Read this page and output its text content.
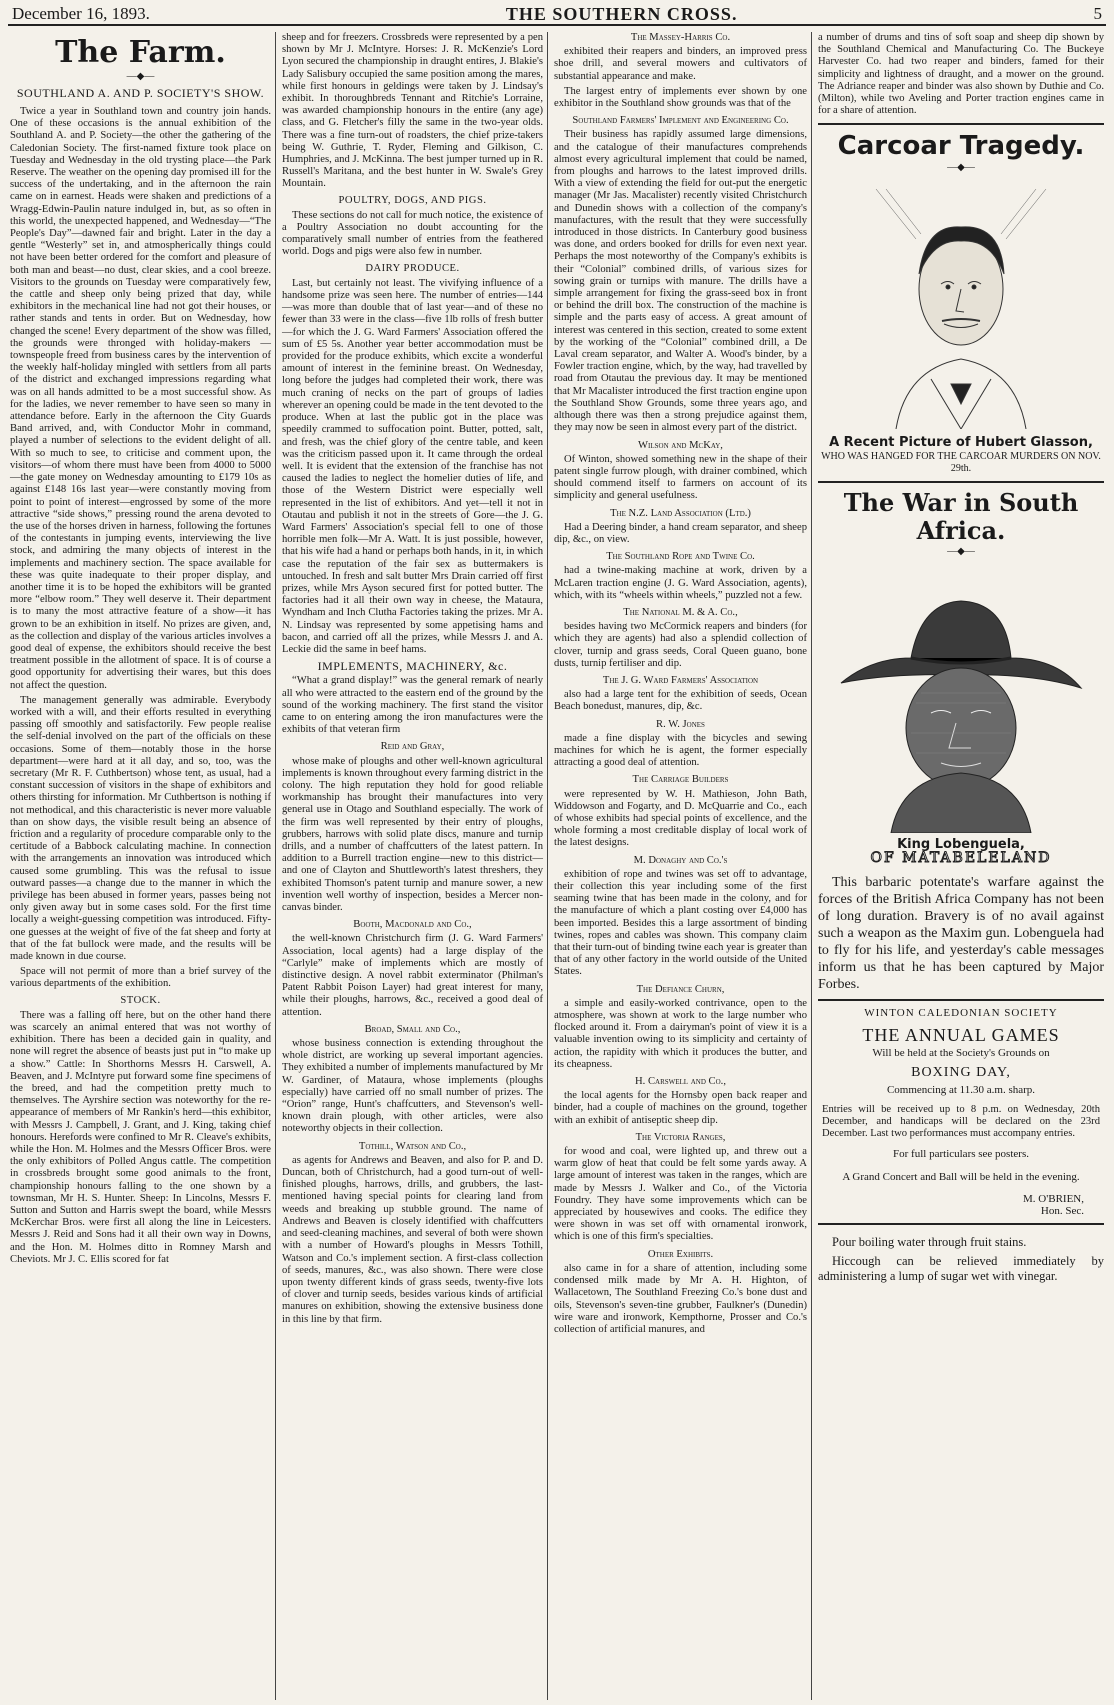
December 16, 1893.	THE SOUTHERN CROSS.	5
The Farm.
―◆―
SOUTHLAND A. AND P. SOCIETY'S SHOW.

Twice a year in Southland town and country join hands. One of these occasions is the annual exhibition of the Southland A. and P. Society—the other the gathering of the Caledonian Society. The first-named fixture took place on Tuesday and Wednesday in the old trysting place—the Park Reserve. The weather on the opening day promised ill for the success of the undertaking, and in the afternoon the rain came on in earnest. Heads were shaken and predictions of a Wragg-Edwin-Paulin nature indulged in, but, as so often in this world, the unexpected happened, and Wednesday—“The People's Day”—dawned fair and bright. Later in the day a gentle “Westerly” set in, and atmospherically things could not have been better ordered for the comfort and pleasure of both man and beast—no dust, clear skies, and a cool breeze. Visitors to the grounds on Tuesday were comparatively few, the cattle and sheep only being prized that day, while exhibitors in the mechanical line had not got their houses, or rather stands and tents in order. But on Wednesday, how changed the scene! Every department of the show was filled, the grounds were thronged with holiday-makers — townspeople freed from business cares by the intervention of the weekly half-holiday mingled with settlers from all parts of the district and exchanged impressions regarding what was on all hands admitted to be a most successful show. As for the ladies, we never remember to have seen so many in attendance before. Early in the afternoon the City Guards Band arrived, and, with Conductor Mohr in command, played a number of selections to the evident delight of all. With so much to see, to criticise and comment upon, the visitors—of whom there must have been from 4000 to 5000—the gate money on Wednesday amounting to £179 10s as against £148 16s last year—were constantly moving from point to point of interest—engrossed by some of the more attractive “side shows,” pressing round the arena devoted to the use of the horses driven in harness, following the fortunes of the contestants in jumping events, interviewing the live stock, and admiring the many objects of interest in the implements and machinery section. The space available for these was quite inadequate to their proper display, and another time it is to be hoped the exhibitors will be granted more “elbow room.” They well deserve it. Their department is to many the most attractive feature of a show—it has grown to be an exhibition in itself. No prizes are given, and, as the collection and display of the various articles involves a good deal of expense, the exhibitors should receive the best treatment possible in the allotment of space. It is of course a good opportunity for advertising their wares, but this does not affect the question.

The management generally was admirable. Everybody worked with a will, and their efforts resulted in everything passing off smoothly and satisfactorily. Few people realise the self-denial involved on the part of the officials on these occasions. Some of them—notably those in the horse department—were hard at it all day, and so, too, was the secretary (Mr R. F. Cuthbertson) whose tent, as usual, had a constant succession of visitors in the shape of exhibitors and others thirsting for information. Mr Cuthbertson is nothing if not methodical, and this characteristic is never more valuable than on show days, the visible result being an absence of friction and a regularity of procedure comparable only to the certitude of a Babbock calculating machine. In connection with the arrangements an innovation was introduced which caused some grumbling. This was the refusal to issue outward passes—a change due to the manner in which the privilege has been abused in former years, passes being not only given away but in some cases sold. For the first time locally a weight-guessing competition was introduced. Fifty-one guesses at the weight of five of the fat sheep and forty at that of the fat bullock were made, and the results will be made known in due course.

Space will not permit of more than a brief survey of the various departments of the exhibition.

STOCK.

There was a falling off here, but on the other hand there was scarcely an animal entered that was not worthy of exhibition. There has been a decided gain in quality, and none will regret the absence of beasts just put in “to make up a show.” Cattle: In Shorthorns Messrs H. Carswell, A. Beaven, and J. McIntyre put forward some fine specimens of the breed, and had the competition pretty much to themselves. The Ayrshire section was noteworthy for the re-appearance of members of Mr Rankin's herd—this exhibitor, with Messrs J. Campbell, J. Grant, and J. King, taking chief honours. Herefords were confined to Mr R. Cleave's exhibits, while the Hon. M. Holmes and the Messrs Officer Bros. were the only exhibitors of Polled Angus cattle. The competition in crossbreds brought some good animals to the front, championship honours falling to the one shown by a townsman, Mr H. S. Hunter. Sheep: In Lincolns, Messrs F. Sutton and Sutton and Harris swept the board, while Messrs McKerchar Bros. were first all along the line in Leicesters. Messrs J. Reid and Sons had it all their own way in Downs, and the Hon. M. Holmes ditto in Romney Marsh and Cheviots. Mr J. C. Ellis scored for fat

sheep and for freezers. Crossbreds were represented by a pen shown by Mr J. McIntyre. Horses: J. R. McKenzie's Lord Lyon secured the championship in draught entires, J. Blakie's Lady Salisbury occupied the same position among the mares, while first honours in geldings were taken by J. Lindsay's exhibit. In thoroughbreds Tennant and Ritchie's Lorraine, was awarded championship honours in the entire (any age) class, and G. Fletcher's filly the same in the two-year olds. There was a fine turn-out of roadsters, the chief prize-takers being W. Guthrie, T. Ryder, Fleming and Gilkison, C. Humphries, and J. McKinna. The best jumper turned up in R. Russell's Maritana, and the best hunter in W. Swale's Grey Mountain.

POULTRY, DOGS, AND PIGS.

These sections do not call for much notice, the existence of a Poultry Association no doubt accounting for the comparatively small number of entries from the feathered world. Dogs and pigs were also few in number.

DAIRY PRODUCE.

Last, but certainly not least. The vivifying influence of a handsome prize was seen here. The number of entries—144—was more than double that of last year—and of these no fewer than 33 were in the class—five 1lb rolls of fresh butter—for which the J. G. Ward Farmers' Association offered the sum of £5 5s. Another year better accommodation must be provided for the produce exhibits, which excite a wonderful amount of interest in the feminine breast. On Wednesday, long before the judges had completed their work, there was much craning of necks on the part of groups of ladies wherever an opening could be made in the tent devoted to the produce. When at last the public got in the place was speedily crammed to suffocation point. Butter, potted, salt, and fresh, was the chief glory of the centre table, and keen was the criticism passed upon it. It came through the ordeal well. It is evident that the extension of the franchise has not caused the ladies to neglect the homelier duties of life, and those of the Western District were especially well represented in the list of exhibitors. And yet—tell it not in Otautau and publish it not in the streets of Gore—the J. G. Ward Farmers' Association's special fell to one of those horrible men folk—Mr A. Watt. It is just possible, however, that his wife had a hand or perhaps both hands, in it, in which case the reputation of the fair sex as buttermakers is untouched. In fresh and salt butter Mrs Drain carried off first prizes, while Mrs Ayson secured first for potted butter. The factories had it all their own way in cheese, the Mataura, Wyndham and Inch Clutha Factories taking the prizes. Mr A. N. Lindsay was represented by some appetising hams and bacon, and carried off all the prizes, while Messrs J. and A. Leckie did the same in beef hams.

IMPLEMENTS, MACHINERY, &c.

“What a grand display!” was the general remark of nearly all who were attracted to the eastern end of the ground by the sound of the working machinery. The first stand the visitor came to on entering among the iron manufactures were the exhibits of that veteran firm

Reid and Gray,

whose make of ploughs and other well-known agricultural implements is known throughout every farming district in the colony. The high reputation they hold for good reliable workmanship has brought their manufactures into very general use in Otago and Southland especially. The work of the firm was well represented by their entry of ploughs, grubbers, harrows with solid plate discs, manure and turnip drills, and a number of chaffcutters of the latest pattern. In addition to a Burrell traction engine—new to this district—and one of Clayton and Shuttleworth's latest threshers, they exhibited Thomson's patent turnip and manure sower, a new invention well worthy of inspection, besides a Mercer non-canvas binder.

Booth, Macdonald and Co.,

the well-known Christchurch firm (J. G. Ward Farmers' Association, local agents) had a large display of the “Carlyle” make of implements which are mostly of distinctive design. A novel rabbit exterminator (Philman's Patent Rabbit Poison Layer) had great interest for many, while their ploughs, harrows, &c., received a good deal of attention.

Broad, Small and Co.,

whose business connection is extending throughout the whole district, are working up several important agencies. They exhibited a number of implements manufactured by Mr W. Gardiner, of Mataura, whose implements (ploughs especially) have carried off no small number of prizes. The “Orion” range, Hunt's chaffcutters, and Stevenson's well-known drain plough, with other articles, were also noteworthy objects in their collection.

Tothill, Watson and Co.,

as agents for Andrews and Beaven, and also for P. and D. Duncan, both of Christchurch, had a good turn-out of well-finished ploughs, harrows, drills, and grubbers, the last-mentioned having special points for clearing land from weeds and breaking up stubble ground. The name of Andrews and Beaven is closely identified with chaffcutters and seed-cleaning machines, and several of both were shown with a number of Howard's ploughs in Messrs Tothill, Watson and Co.'s implement section. A first-class collection of seeds, manures, &c., was also shown. There were close upon twenty different kinds of grass seeds, twenty-five lots of clover and turnip seeds, besides various kinds of artificial manures on exhibition, showing the extensive business done in this line by that firm.

The Massey-Harris Co.

exhibited their reapers and binders, an improved press shoe drill, and several mowers and cultivators of substantial appearance and make.

The largest entry of implements ever shown by one exhibitor in the Southland show grounds was that of the

Southland Farmers' Implement and Engineering Co.

Their business has rapidly assumed large dimensions, and the catalogue of their manufactures comprehends almost every agricultural implement that could be named, from ploughs and harrows to the latest improved drills. With a view of extending the field for out-put the energetic manager (Mr Jas. Macalister) recently visited Christchurch and Dunedin shows with a collection of the company's manufactures, with the result that they were successfully introduced in those districts. In Canterbury good business was done, and orders booked for drills for even next year. Perhaps the most noteworthy of the Company's exhibits is their “Colonial” combined drills, of various sizes for sowing grain or turnips with manure. The drills have a simple arrangement for fixing the grass-seed box in front or behind the drill box. The construction of the machine is simple and the parts easy of access. A great amount of interest was centered in this section, created to some extent by the working of the “Colonial” combined drill, a De Laval cream separator, and Walter A. Wood's binder, by a Fowler traction engine, which, by the way, had travelled by road from Otautau the previous day. It may be mentioned that Mr Macalister introduced the first traction engine upon the Southland Show Grounds, some three years ago, and although there was then a strong prejudice against them, they may now be seen in almost every part of the district.

Wilson and McKay,

Of Winton, showed something new in the shape of their patent single furrow plough, with drainer combined, which should commend itself to farmers on account of its simplicity and general usefulness.

The N.Z. Land Association (Ltd.)

Had a Deering binder, a hand cream separator, and sheep dip, &c., on view.

The Southland Rope and Twine Co.

had a twine-making machine at work, driven by a McLaren traction engine (J. G. Ward Association, agents), which, with its “wheels within wheels,” puzzled not a few.

The National M. & A. Co.,

besides having two McCormick reapers and binders (for which they are agents) had also a splendid collection of clover, turnip and grass seeds, Coral Queen guano, bone dusts, turnip fertiliser and dip.

The J. G. Ward Farmers' Association

also had a large tent for the exhibition of seeds, Ocean Beach bonedust, manures, dip, &c.

R. W. Jones

made a fine display with the bicycles and sewing machines for which he is agent, the former especially attracting a good deal of attention.

The Carriage Builders

were represented by W. H. Mathieson, John Bath, Widdowson and Fogarty, and D. McQuarrie and Co., each of whose exhibits had special points of excellence, and the whole forming a most creditable display of local work of the latest designs.

M. Donaghy and Co.'s

exhibition of rope and twines was set off to advantage, their collection this year including some of the first seaming twine that has been made in the colony, and for the manufacture of which a plant costing over £4,000 has been imported. Besides this a large assortment of binding twines, ropes and cables was shown. This company claim that their turn-out of binding twine each year is greater than that of any other factory in the world outside of the United States.

The Defiance Churn,

a simple and easily-worked contrivance, open to the atmosphere, was shown at work to the large number who flocked around it. From a dairyman's point of view it is a valuable invention owing to its simplicity and certainty of action, the rapidity with which it produces the butter, and its cheapness.

H. Carswell and Co.,

the local agents for the Hornsby open back reaper and binder, had a couple of machines on the ground, together with an exhibit of antiseptic sheep dip.

The Victoria Ranges,

for wood and coal, were lighted up, and threw out a warm glow of heat that could be felt some yards away. A large amount of interest was taken in the ranges, which are made by Messrs J. Walker and Co., of the Victoria Foundry. They have some improvements which can be appreciated by housewives and cooks. The edifice they were shown in was set off with ornamental ironwork, which is one of this firm's specialties.

Other Exhibits.

also came in for a share of attention, including some condensed milk made by Mr A. H. Highton, of Wallacetown, The Southland Freezing Co.'s bone dust and oils, Stevenson's seven-tine grubber, Faulkner's (Dunedin) wire ware and ironwork, Kempthorne, Prosser and Co.'s collection of artificial manures, and

a number of drums and tins of soft soap and sheep dip shown by the Southland Chemical and Manufacturing Co. The Buckeye Harvester Co. had two reaper and binders, famed for their simplicity and lightness of draught, and a mower on the ground. The Adriance reaper and binder was also shown by Duthie and Co. (Milton), while two Aveling and Porter traction engines came in for a share of attention.

Carcoar Tragedy.
―◆―
A Recent Picture of Hubert Glasson,
WHO WAS HANGED FOR THE CARCOAR MURDERS ON NOV. 29th.
The War in South Africa.
―◆―
King Lobenguela,
OF MATABELELAND

This barbaric potentate's warfare against the forces of the British Africa Company has not been of long duration. Bravery is of no avail against such a weapon as the Maxim gun. Lobenguela had to fly for his life, and yesterday's cable messages inform us that he has been captured by Major Forbes.

WINTON CALEDONIAN SOCIETY
THE ANNUAL GAMES
Will be held at the Society's Grounds on
BOXING DAY,
Commencing at 11.30 a.m. sharp.
Entries will be received up to 8 p.m. on Wednesday, 20th December, and handicaps will be declared on the 23rd December. Last two performances must accompany entries.
For full particulars see posters.
A Grand Concert and Ball will be held in the evening.
M. O'BRIEN,
Hon. Sec.

Pour boiling water through fruit stains.

Hiccough can be relieved immediately by administering a lump of sugar wet with vinegar.
